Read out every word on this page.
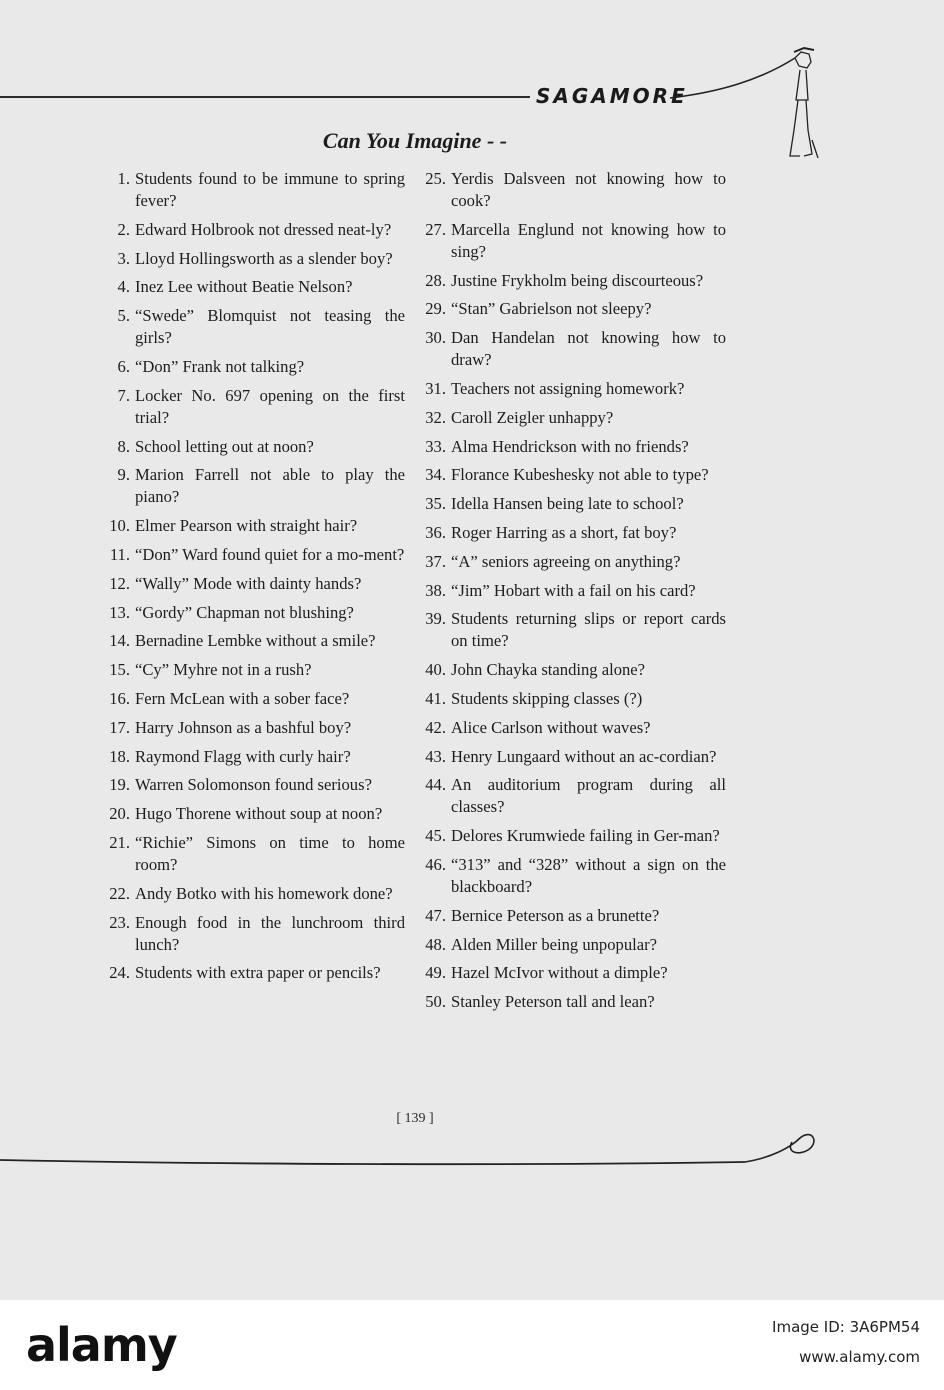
SAGAMORE
Can You Imagine - -
1. Students found to be immune to spring fever?
2. Edward Holbrook not dressed neat-ly?
3. Lloyd Hollingsworth as a slender boy?
4. Inez Lee without Beatie Nelson?
5. “Swede” Blomquist not teasing the girls?
6. “Don” Frank not talking?
7. Locker No. 697 opening on the first trial?
8. School letting out at noon?
9. Marion Farrell not able to play the piano?
10. Elmer Pearson with straight hair?
11. “Don” Ward found quiet for a mo-ment?
12. “Wally” Mode with dainty hands?
13. “Gordy” Chapman not blushing?
14. Bernadine Lembke without a smile?
15. “Cy” Myhre not in a rush?
16. Fern McLean with a sober face?
17. Harry Johnson as a bashful boy?
18. Raymond Flagg with curly hair?
19. Warren Solomonson found serious?
20. Hugo Thorene without soup at noon?
21. “Richie” Simons on time to home room?
22. Andy Botko with his homework done?
23. Enough food in the lunchroom third lunch?
24. Students with extra paper or pencils?
25. Yerdis Dalsveen not knowing how to cook?
27. Marcella Englund not knowing how to sing?
28. Justine Frykholm being discourteous?
29. “Stan” Gabrielson not sleepy?
30. Dan Handelan not knowing how to draw?
31. Teachers not assigning homework?
32. Caroll Zeigler unhappy?
33. Alma Hendrickson with no friends?
34. Florance Kubeshesky not able to type?
35. Idella Hansen being late to school?
36. Roger Harring as a short, fat boy?
37. “A” seniors agreeing on anything?
38. “Jim” Hobart with a fail on his card?
39. Students returning slips or report cards on time?
40. John Chayka standing alone?
41. Students skipping classes (?)
42. Alice Carlson without waves?
43. Henry Lungaard without an ac-cordian?
44. An auditorium program during all classes?
45. Delores Krumwiede failing in Ger-man?
46. “313” and “328” without a sign on the blackboard?
47. Bernice Peterson as a brunette?
48. Alden Miller being unpopular?
49. Hazel McIvor without a dimple?
50. Stanley Peterson tall and lean?
[ 139 ]
alamy	Image ID: 3A6PM54
www.alamy.com
